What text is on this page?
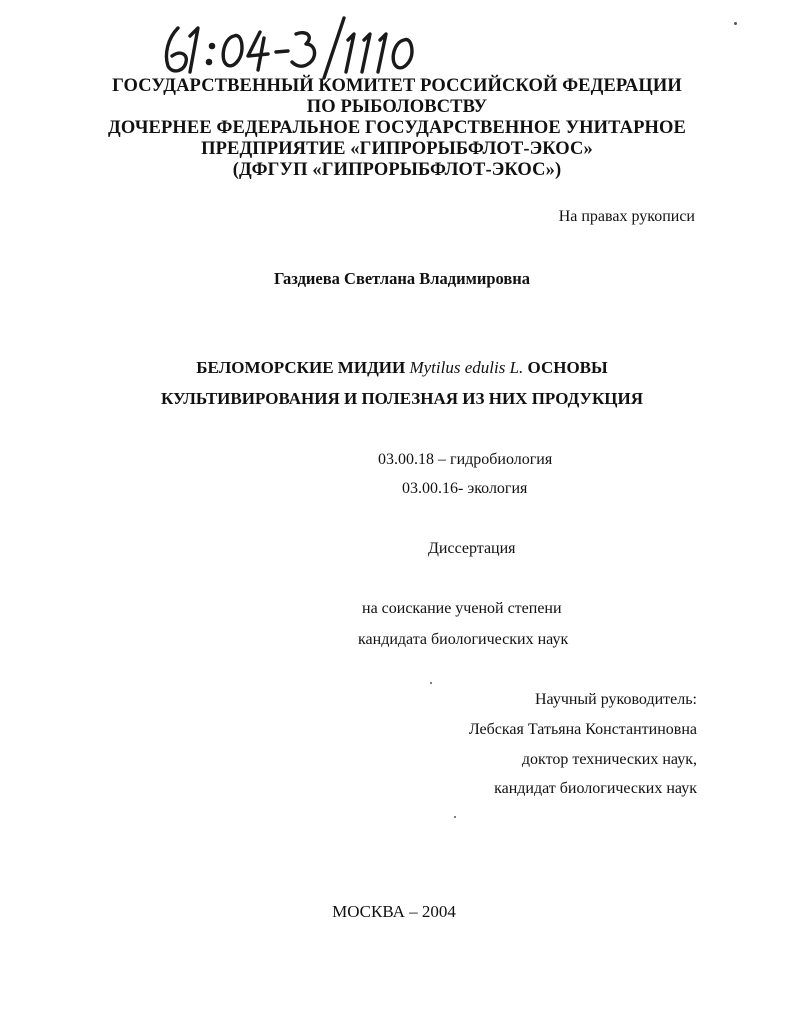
ГОСУДАРСТВЕННЫЙ КОМИТЕТ РОССИЙСКОЙ ФЕДЕРАЦИИ
ПО РЫБОЛОВСТВУ
ДОЧЕРНЕЕ ФЕДЕРАЛЬНОЕ ГОСУДАРСТВЕННОЕ УНИТАРНОЕ
ПРЕДПРИЯТИЕ «ГИПРОРЫБФЛОТ-ЭКОС»
(ДФГУП «ГИПРОРЫБФЛОТ-ЭКОС»)
На правах рукописи
Газдиева Светлана Владимировна
БЕЛОМОРСКИЕ МИДИИ Mytilus edulis L. ОСНОВЫ
КУЛЬТИВИРОВАНИЯ И ПОЛЕЗНАЯ ИЗ НИХ ПРОДУКЦИЯ
03.00.18 – гидробиология
03.00.16- экология
Диссертация
на соискание ученой степени
кандидата биологических наук
Научный руководитель:
Лебская Татьяна Константиновна
доктор технических наук,
кандидат биологических наук
МОСКВА – 2004
